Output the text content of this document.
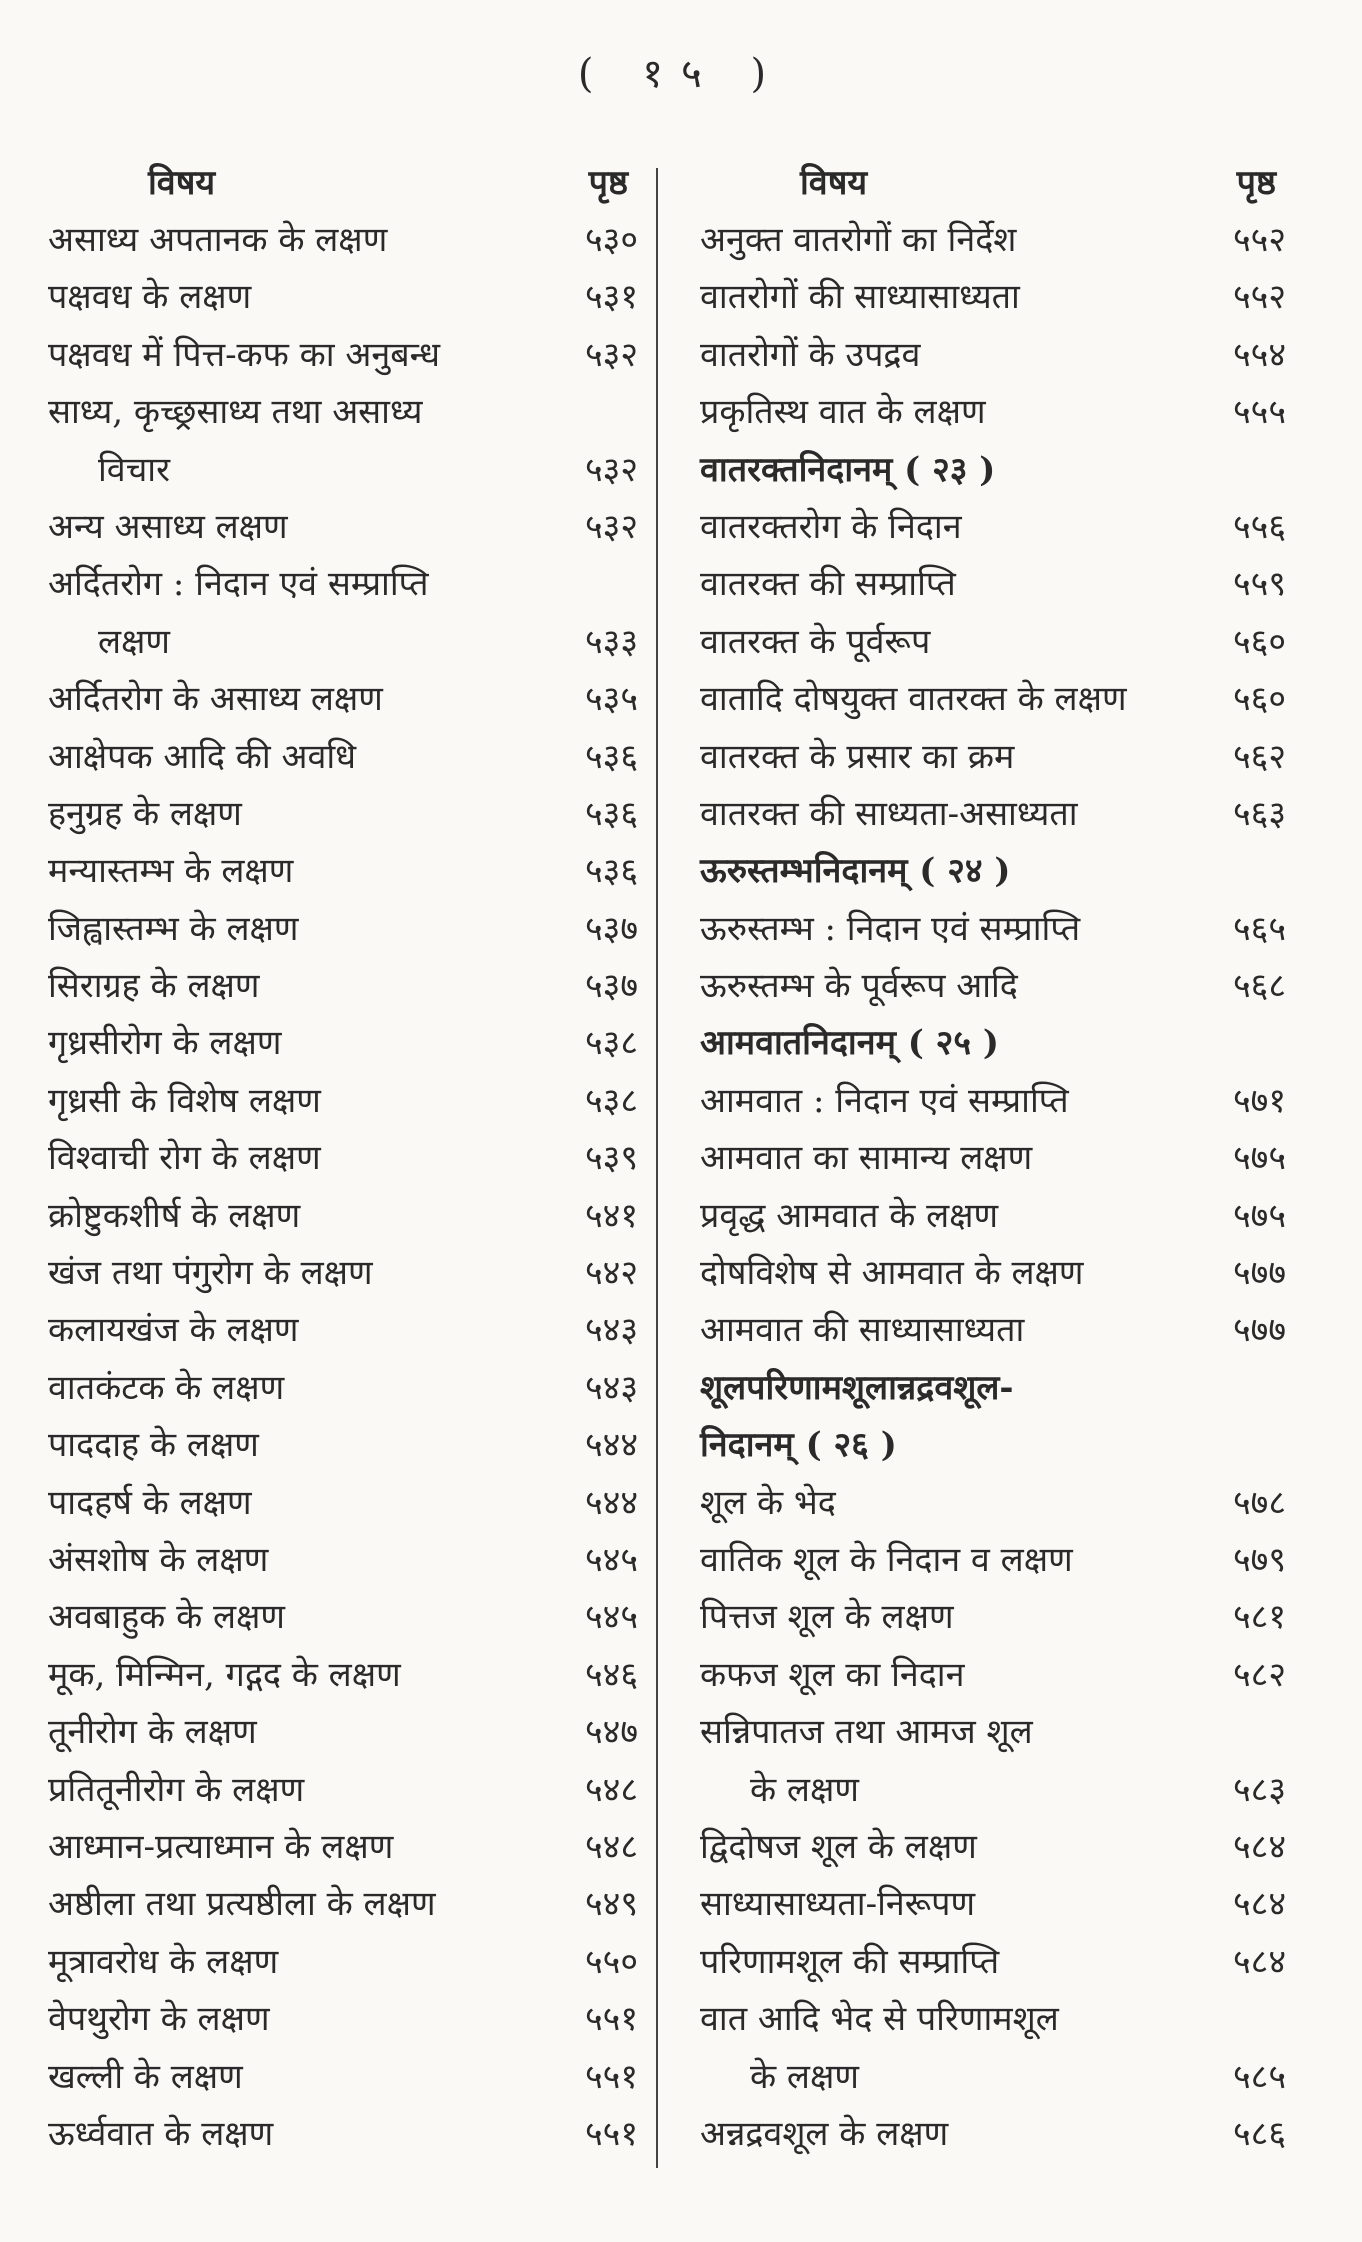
( १५ )
विषय	पृष्ठ
असाध्य अपतानक के लक्षण	५३०
पक्षवध के लक्षण	५३१
पक्षवध में पित्त-कफ का अनुबन्ध	५३२
साध्य, कृच्छ्रसाध्य तथा असाध्य
विचार	५३२
अन्य असाध्य लक्षण	५३२
अर्दितरोग : निदान एवं सम्प्राप्ति
लक्षण	५३३
अर्दितरोग के असाध्य लक्षण	५३५
आक्षेपक आदि की अवधि	५३६
हनुग्रह के लक्षण	५३६
मन्यास्तम्भ के लक्षण	५३६
जिह्वास्तम्भ के लक्षण	५३७
सिराग्रह के लक्षण	५३७
गृध्रसीरोग के लक्षण	५३८
गृध्रसी के विशेष लक्षण	५३८
विश्वाची रोग के लक्षण	५३९
क्रोष्टुकशीर्ष के लक्षण	५४१
खंज तथा पंगुरोग के लक्षण	५४२
कलायखंज के लक्षण	५४३
वातकंटक के लक्षण	५४३
पाददाह के लक्षण	५४४
पादहर्ष के लक्षण	५४४
अंसशोष के लक्षण	५४५
अवबाहुक के लक्षण	५४५
मूक, मिन्मिन, गद्गद के लक्षण	५४६
तूनीरोग के लक्षण	५४७
प्रतितूनीरोग के लक्षण	५४८
आध्मान-प्रत्याध्मान के लक्षण	५४८
अष्ठीला तथा प्रत्यष्ठीला के लक्षण	५४९
मूत्रावरोध के लक्षण	५५०
वेपथुरोग के लक्षण	५५१
खल्ली के लक्षण	५५१
ऊर्ध्ववात के लक्षण	५५१
विषय	पृष्ठ
अनुक्त वातरोगों का निर्देश	५५२
वातरोगों की साध्यासाध्यता	५५२
वातरोगों के उपद्रव	५५४
प्रकृतिस्थ वात के लक्षण	५५५
वातरक्तनिदानम् ( २३ )
वातरक्तरोग के निदान	५५६
वातरक्त की सम्प्राप्ति	५५९
वातरक्त के पूर्वरूप	५६०
वातादि दोषयुक्त वातरक्त के लक्षण	५६०
वातरक्त के प्रसार का क्रम	५६२
वातरक्त की साध्यता-असाध्यता	५६३
ऊरुस्तम्भनिदानम् ( २४ )
ऊरुस्तम्भ : निदान एवं सम्प्राप्ति	५६५
ऊरुस्तम्भ के पूर्वरूप आदि	५६८
आमवातनिदानम् ( २५ )
आमवात : निदान एवं सम्प्राप्ति	५७१
आमवात का सामान्य लक्षण	५७५
प्रवृद्ध आमवात के लक्षण	५७५
दोषविशेष से आमवात के लक्षण	५७७
आमवात की साध्यासाध्यता	५७७
शूलपरिणामशूलान्नद्रवशूल-
निदानम् ( २६ )
शूल के भेद	५७८
वातिक शूल के निदान व लक्षण	५७९
पित्तज शूल के लक्षण	५८१
कफज शूल का निदान	५८२
सन्निपातज तथा आमज शूल
के लक्षण	५८३
द्विदोषज शूल के लक्षण	५८४
साध्यासाध्यता-निरूपण	५८४
परिणामशूल की सम्प्राप्ति	५८४
वात आदि भेद से परिणामशूल
के लक्षण	५८५
अन्नद्रवशूल के लक्षण	५८६
